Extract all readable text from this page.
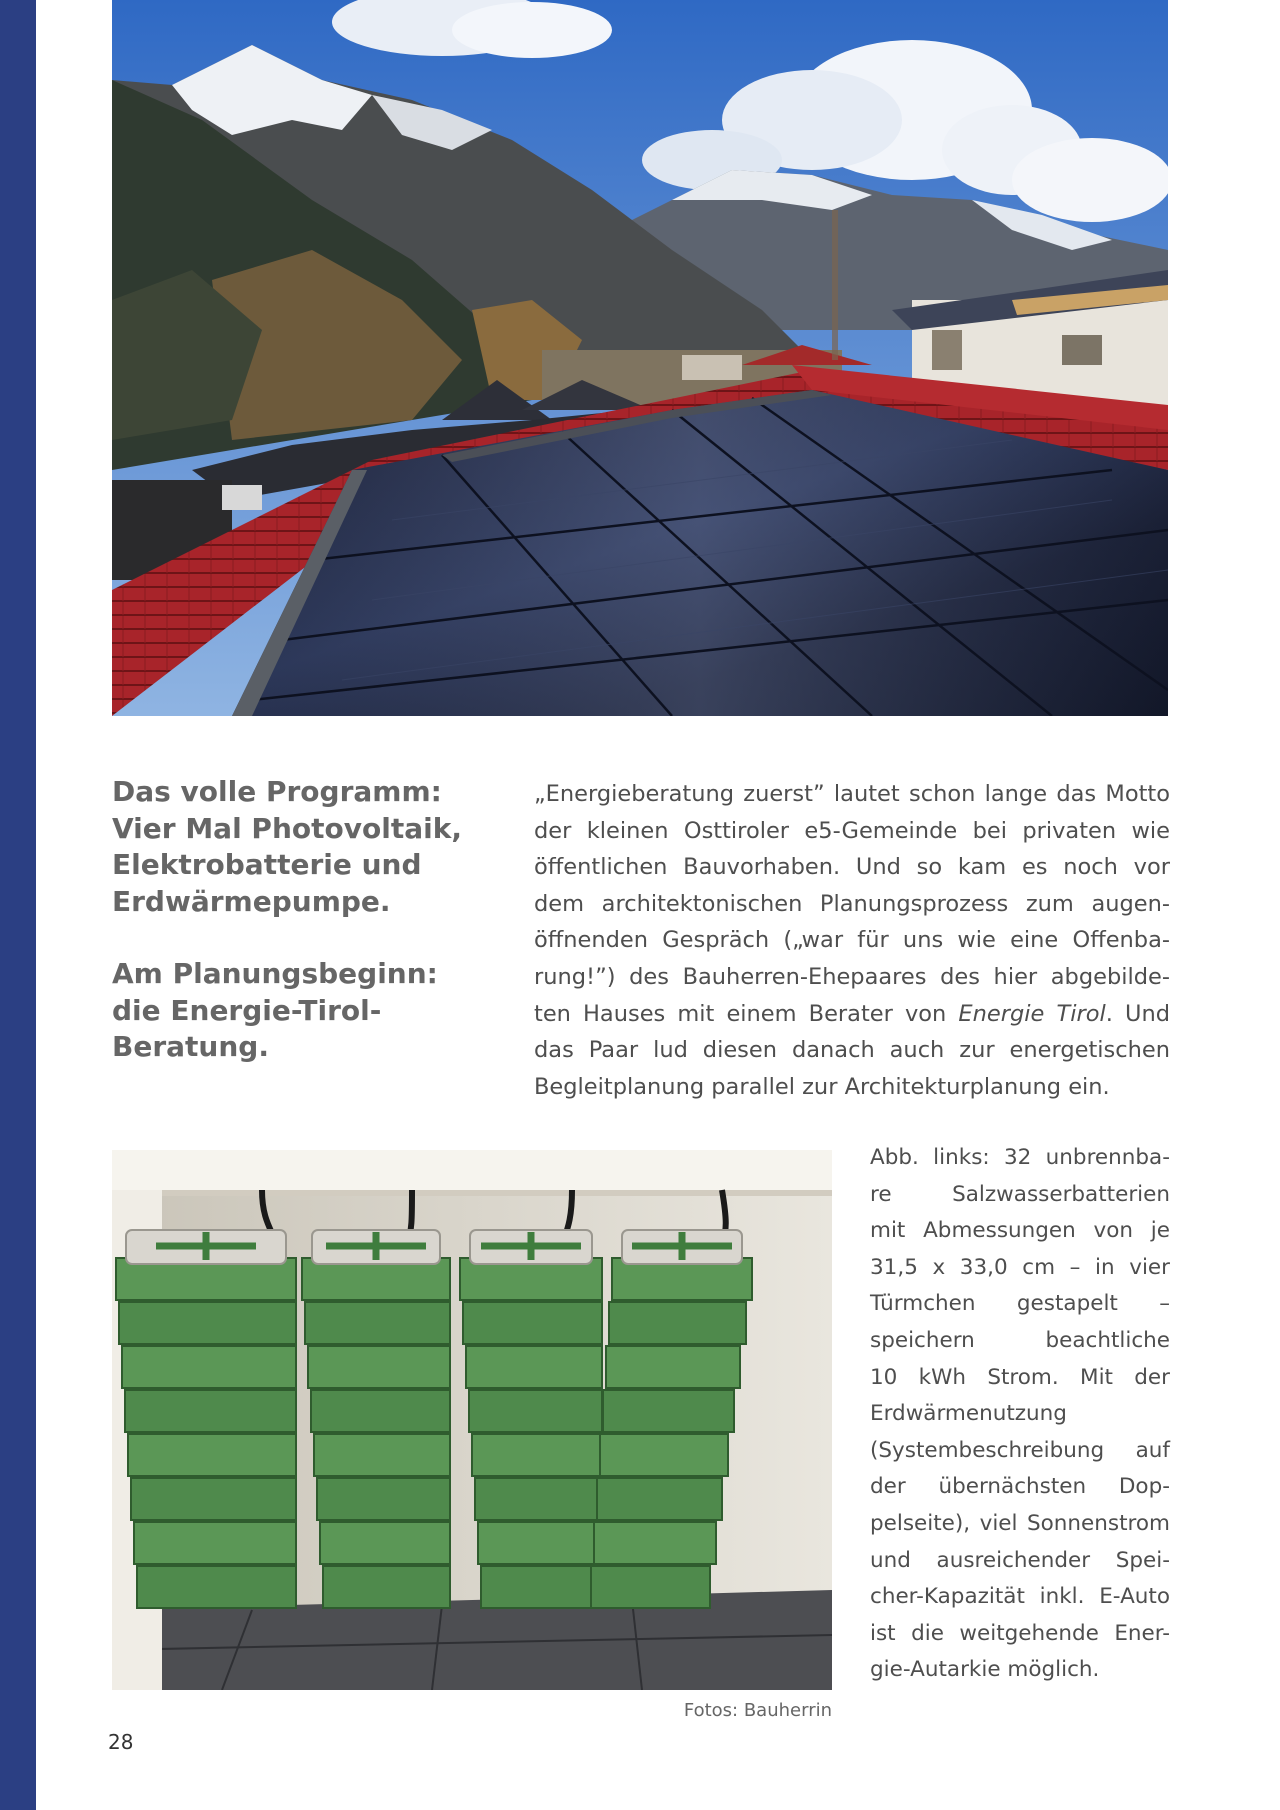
Das volle Programm:
Vier Mal Photovoltaik,
Elektrobatterie und
Erdwärmepumpe.
Am Planungsbeginn:
die Energie-Tirol-
Beratung.

„Energieberatung zuerst” lautet schon lange das Motto
der kleinen Osttiroler e5-Gemeinde bei privaten wie
öffentlichen Bauvorhaben. Und so kam es noch vor
dem architektonischen Planungsprozess zum augen-
öffnenden Gespräch („war für uns wie eine Offenba-
rung!”) des Bauherren-Ehepaares des hier abgebilde-
ten Hauses mit einem Berater von Energie Tirol. Und
das Paar lud diesen danach auch zur energetischen
Begleitplanung parallel zur Architekturplanung ein.

Abb. links: 32 unbrennba-
re Salzwasserbatterien
mit Abmessungen von je
31,5 x 33,0 cm – in vier
Türmchen gestapelt –
speichern beachtliche
10 kWh Strom. Mit der
Erdwärmenutzung
(Systembeschreibung auf
der übernächsten Dop-
pelseite), viel Sonnenstrom
und ausreichender Spei-
cher-Kapazität inkl. E-Auto
ist die weitgehende Ener-
gie-Autarkie möglich.

Fotos: Bauherrin
28
